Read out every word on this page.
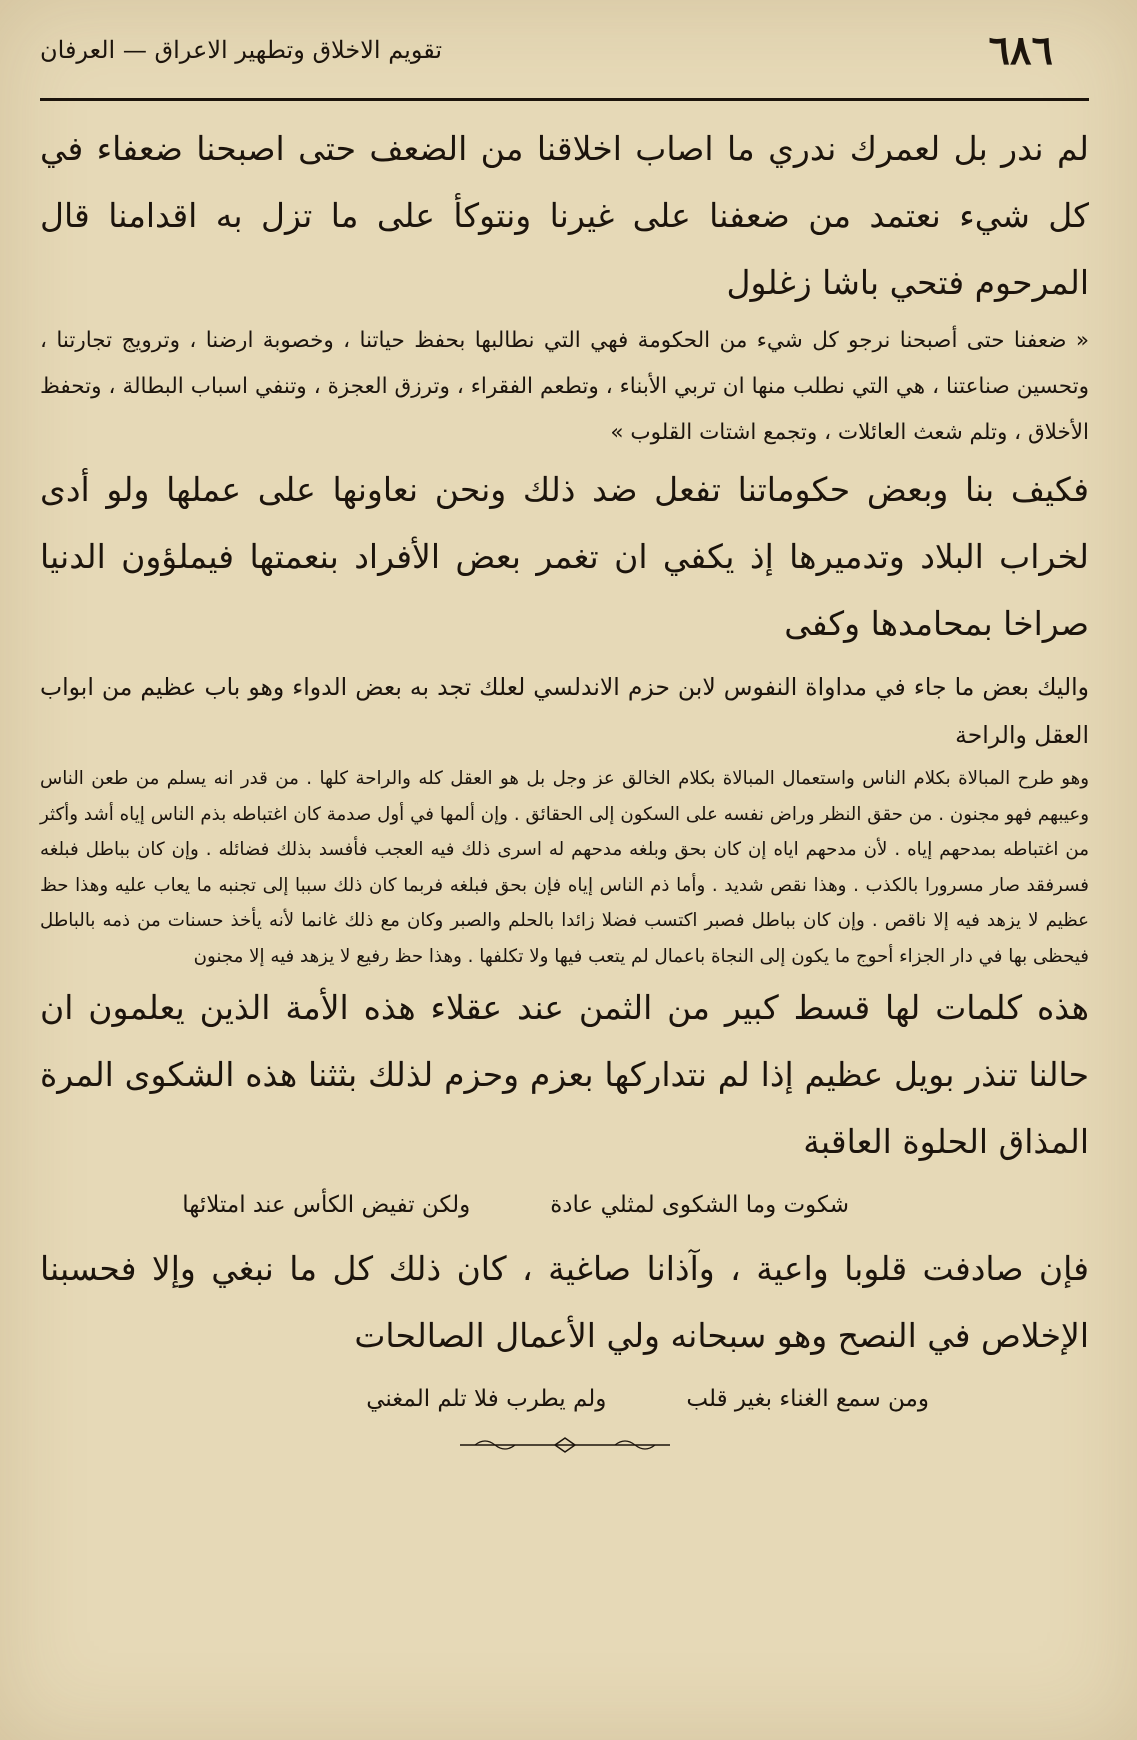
تقويم الاخلاق وتطهير الاعراق — العرفان	٦٨٦

لم ندر بل لعمرك ندري ما اصاب اخلاقنا من الضعف حتى اصبحنا ضعفاء في كل شيء نعتمد من ضعفنا على غيرنا ونتوكأ على ما تزل به اقدامنا قال المرحوم فتحي باشا زغلول

« ضعفنا حتى أصبحنا نرجو كل شيء من الحكومة فهي التي نطالبها بحفظ حياتنا ، وخصوبة ارضنا ، وترويج تجارتنا ، وتحسين صناعتنا ، هي التي نطلب منها ان تربي الأبناء ، وتطعم الفقراء ، وترزق العجزة ، وتنفي اسباب البطالة ، وتحفظ الأخلاق ، وتلم شعث العائلات ، وتجمع اشتات القلوب »

فكيف بنا وبعض حكوماتنا تفعل ضد ذلك ونحن نعاونها على عملها ولو أدى لخراب البلاد وتدميرها إذ يكفي ان تغمر بعض الأفراد بنعمتها فيملؤون الدنيا صراخا بمحامدها وكفى

واليك بعض ما جاء في مداواة النفوس لابن حزم الاندلسي لعلك تجد به بعض الدواء وهو باب عظيم من ابواب العقل والراحة

وهو طرح المبالاة بكلام الناس واستعمال المبالاة بكلام الخالق عز وجل بل هو العقل كله والراحة كلها . من قدر انه يسلم من طعن الناس وعيبهم فهو مجنون . من حقق النظر وراض نفسه على السكون إلى الحقائق . وإن ألمها في أول صدمة كان اغتباطه بذم الناس إياه أشد وأكثر من اغتباطه بمدحهم إياه . لأن مدحهم اياه إن كان بحق وبلغه مدحهم له اسرى ذلك فيه العجب فأفسد بذلك فضائله . وإن كان بباطل فبلغه فسرفقد صار مسرورا بالكذب . وهذا نقص شديد . وأما ذم الناس إياه فإن بحق فبلغه فربما كان ذلك سببا إلى تجنبه ما يعاب عليه وهذا حظ عظيم لا يزهد فيه إلا ناقص . وإن كان بباطل فصبر اكتسب فضلا زائدا بالحلم والصبر وكان مع ذلك غانما لأنه يأخذ حسنات من ذمه بالباطل فيحظى بها في دار الجزاء أحوج ما يكون إلى النجاة باعمال لم يتعب فيها ولا تكلفها . وهذا حظ رفيع لا يزهد فيه إلا مجنون

هذه كلمات لها قسط كبير من الثمن عند عقلاء هذه الأمة الذين يعلمون ان حالنا تنذر بويل عظيم إذا لم نتداركها بعزم وحزم لذلك بثثنا هذه الشكوى المرة المذاق الحلوة العاقبة

شكوت وما الشكوى لمثلي عادة
ولكن تفيض الكأس عند امتلائها

فإن صادفت قلوبا واعية ، وآذانا صاغية ، كان ذلك كل ما نبغي وإلا فحسبنا الإخلاص في النصح وهو سبحانه ولي الأعمال الصالحات

ومن سمع الغناء بغير قلب
ولم يطرب فلا تلم المغني
